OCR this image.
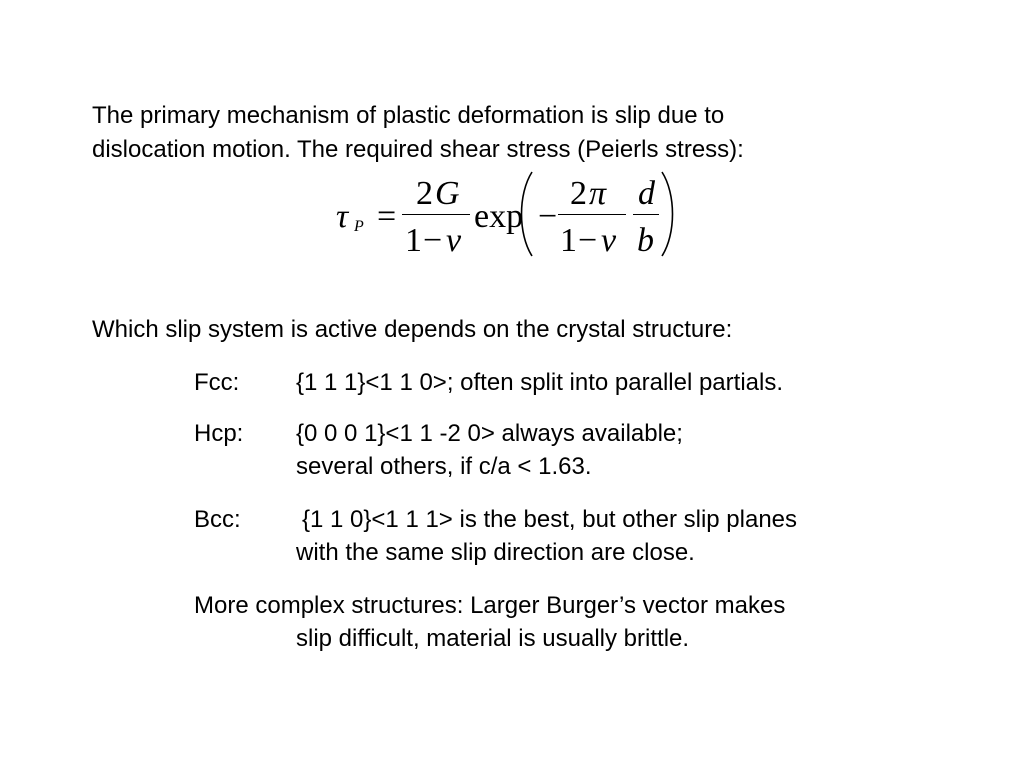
The primary mechanism of plastic deformation is slip due to
dislocation motion. The required shear stress (Peierls stress):
τ P =
2 G
1 − ν
exp −
2 π
1 − ν
d
b
Which slip system is active depends on the crystal structure:
Fcc: {1 1 1}<1 1 0>; often split into parallel partials.
Hcp: {0 0 0 1}<1 1 -2 0> always available;
several others, if c/a < 1.63.
Bcc:	{1 1 0}<1 1 1> is the best, but other slip planes
with the same slip direction are close.
More complex structures: Larger Burger’s vector makes
slip difficult, material is usually brittle.
